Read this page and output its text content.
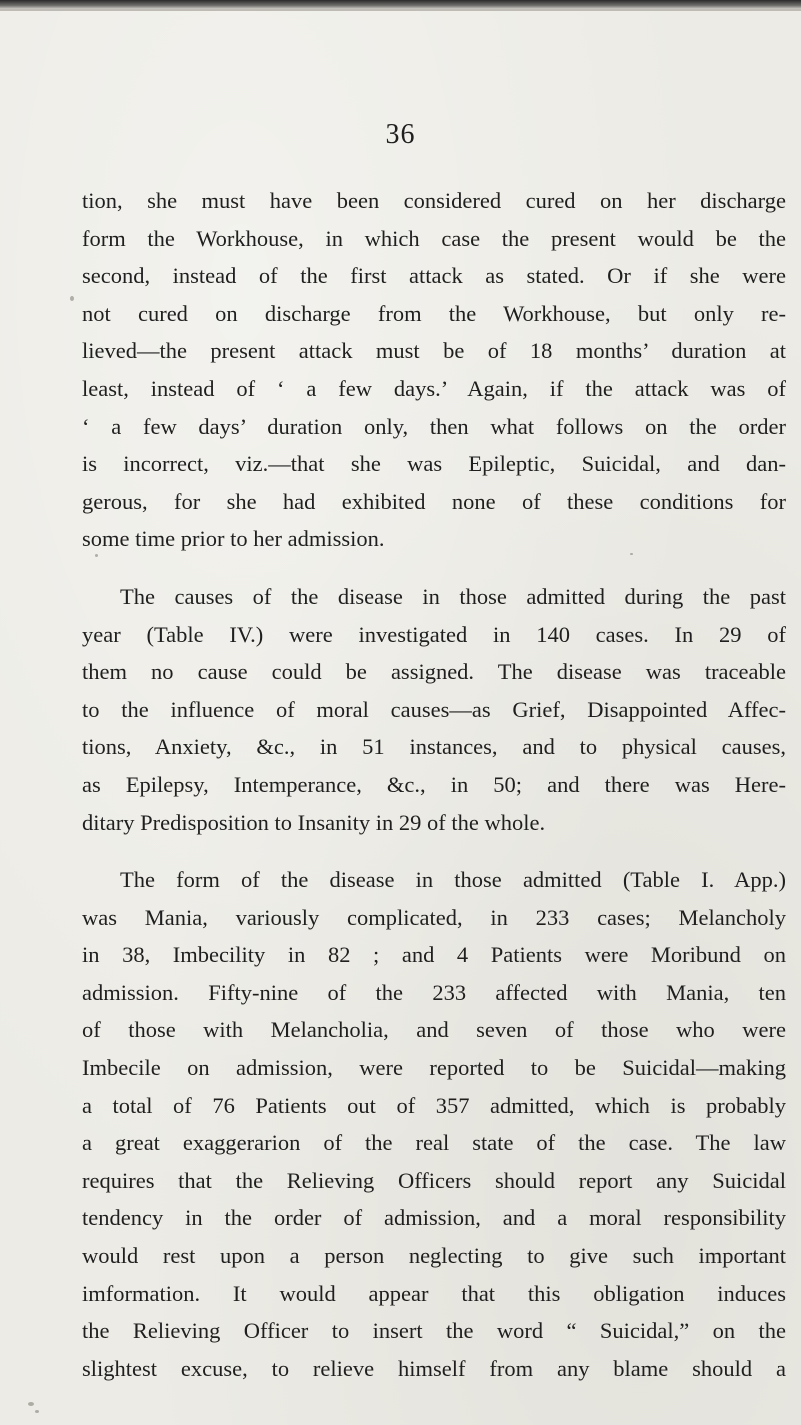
36
tion, she must have been considered cured on her discharge
form the Workhouse, in which case the present would be the
second, instead of the first attack as stated. Or if she were
not cured on discharge from the Workhouse, but only re-
lieved—the present attack must be of 18 months’ duration at
least, instead of ‘ a few days.’ Again, if the attack was of
‘ a few days’ duration only, then what follows on the order
is incorrect, viz.—that she was Epileptic, Suicidal, and dan-
gerous, for she had exhibited none of these conditions for
some time prior to her admission.
The causes of the disease in those admitted during the past
year (Table IV.) were investigated in 140 cases. In 29 of
them no cause could be assigned. The disease was traceable
to the influence of moral causes—as Grief, Disappointed Affec-
tions, Anxiety, &c., in 51 instances, and to physical causes,
as Epilepsy, Intemperance, &c., in 50; and there was Here-
ditary Predisposition to Insanity in 29 of the whole.
The form of the disease in those admitted (Table I. App.)
was Mania, variously complicated, in 233 cases; Melancholy
in 38, Imbecility in 82 ; and 4 Patients were Moribund on
admission. Fifty-nine of the 233 affected with Mania, ten
of those with Melancholia, and seven of those who were
Imbecile on admission, were reported to be Suicidal—making
a total of 76 Patients out of 357 admitted, which is probably
a great exaggerarion of the real state of the case. The law
requires that the Relieving Officers should report any Suicidal
tendency in the order of admission, and a moral responsibility
would rest upon a person neglecting to give such important
imformation. It would appear that this obligation induces
the Relieving Officer to insert the word “ Suicidal,” on the
slightest excuse, to relieve himself from any blame should a
